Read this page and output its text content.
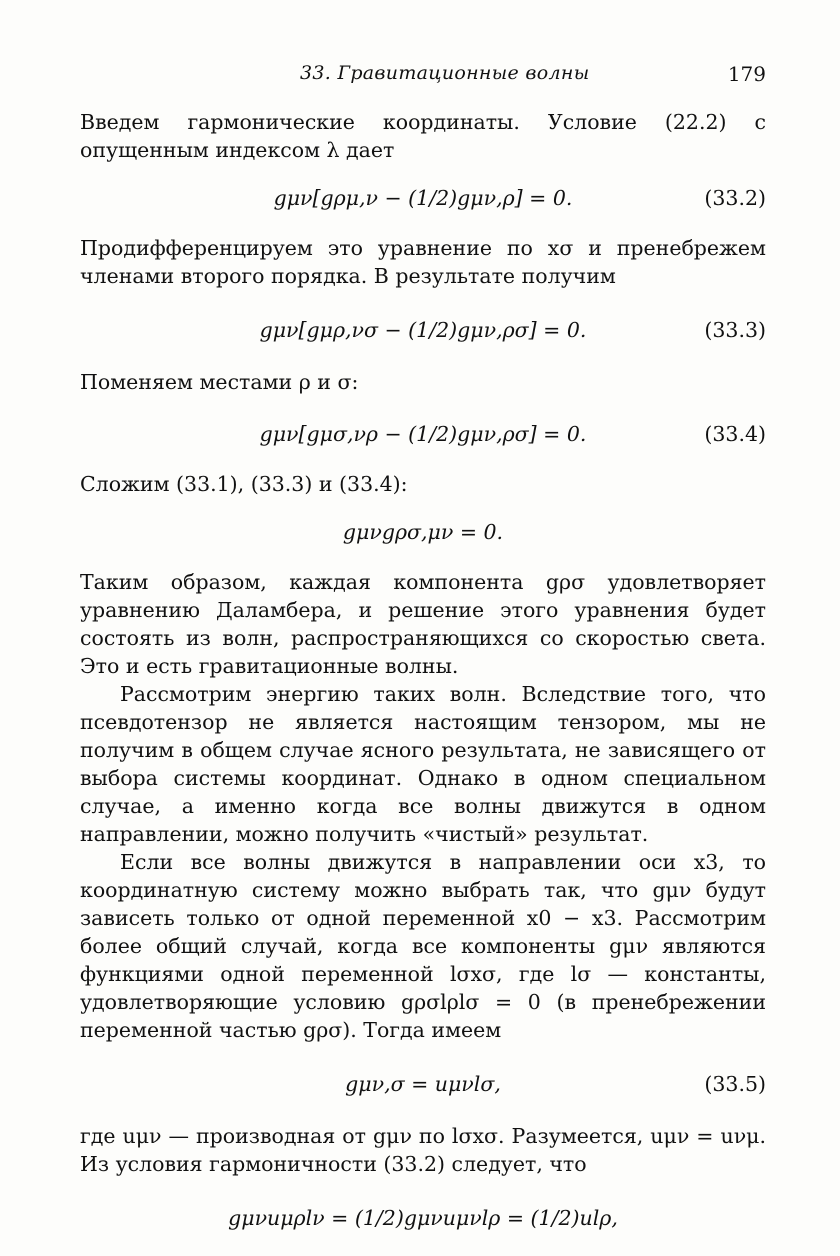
33. Гравитационные волны	179

Введем гармонические координаты. Условие (22.2) с опущенным индексом λ дает

gμν[gρμ,ν − (1/2)gμν,ρ] = 0.	(33.2)

Продифференцируем это уравнение по xσ и пренебрежем членами второго порядка. В результате получим

gμν[gμρ,νσ − (1/2)gμν,ρσ] = 0.	(33.3)

Поменяем местами ρ и σ:

gμν[gμσ,νρ − (1/2)gμν,ρσ] = 0.	(33.4)

Сложим (33.1), (33.3) и (33.4):

gμνgρσ,μν = 0.

Таким образом, каждая компонента gρσ удовлетворяет уравнению Даламбера, и решение этого уравнения будет состоять из волн, распространяющихся со скоростью света. Это и есть гравитационные волны.

Рассмотрим энергию таких волн. Вследствие того, что псевдотензор не является настоящим тензором, мы не получим в общем случае ясного результата, не зависящего от выбора системы координат. Однако в одном специальном случае, а именно когда все волны движутся в одном направлении, можно получить «чистый» результат.

Если все волны движутся в направлении оси x3, то координатную систему можно выбрать так, что gμν будут зависеть только от одной переменной x0 − x3. Рассмотрим более общий случай, когда все компоненты gμν являются функциями одной переменной lσxσ, где lσ — константы, удовлетворяющие условию gρσlρlσ = 0 (в пренебрежении переменной частью gρσ). Тогда имеем

gμν,σ = uμνlσ,	(33.5)

где uμν — производная от gμν по lσxσ. Разумеется, uμν = uνμ. Из условия гармоничности (33.2) следует, что

gμνuμρlν = (1/2)gμνuμνlρ = (1/2)ulρ,
